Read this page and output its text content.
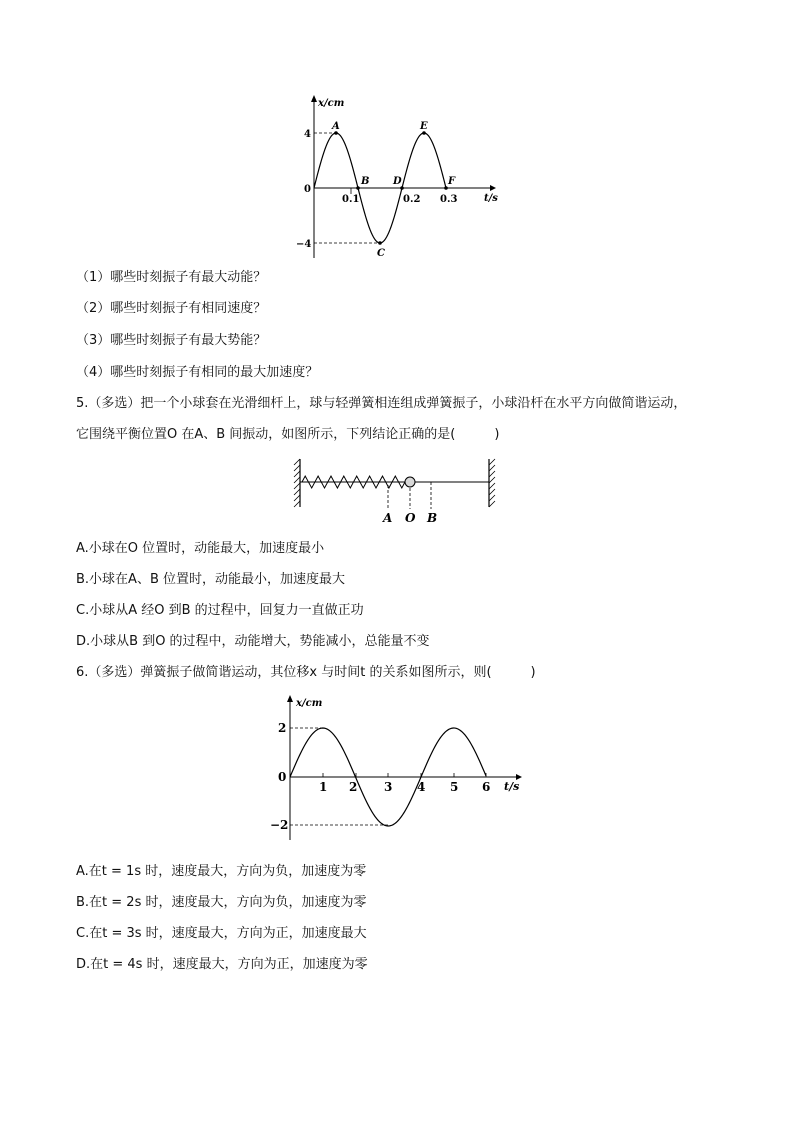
x/cm
t/s
4
0
−4
0.1	0.2 0.3
A
B
C
D
E
F
（1）哪些时刻振子有最大动能？
（2）哪些时刻振子有相同速度？
（3）哪些时刻振子有最大势能？
（4）哪些时刻振子有相同的最大加速度？
5.（多选）把一个小球套在光滑细杆上，球与轻弹簧相连组成弹簧振子，小球沿杆在水平方向做简谐运动，
它围绕平衡位置O 在A、B 间振动，如图所示，下列结论正确的是(　　　)
A O B
A.小球在O 位置时，动能最大，加速度最小
B.小球在A、B 位置时，动能最小，加速度最大
C.小球从A 经O 到B 的过程中，回复力一直做正功
D.小球从B 到O 的过程中，动能增大，势能减小，总能量不变
6.（多选）弹簧振子做简谐运动，其位移x 与时间t 的关系如图所示，则(　　　)
x/cm
t/s
2
0
−2
1 2 3 4 5 6
A.在t = 1s 时，速度最大，方向为负，加速度为零
B.在t = 2s 时，速度最大，方向为负，加速度为零
C.在t = 3s 时，速度最大，方向为正，加速度最大
D.在t = 4s 时，速度最大，方向为正，加速度为零
